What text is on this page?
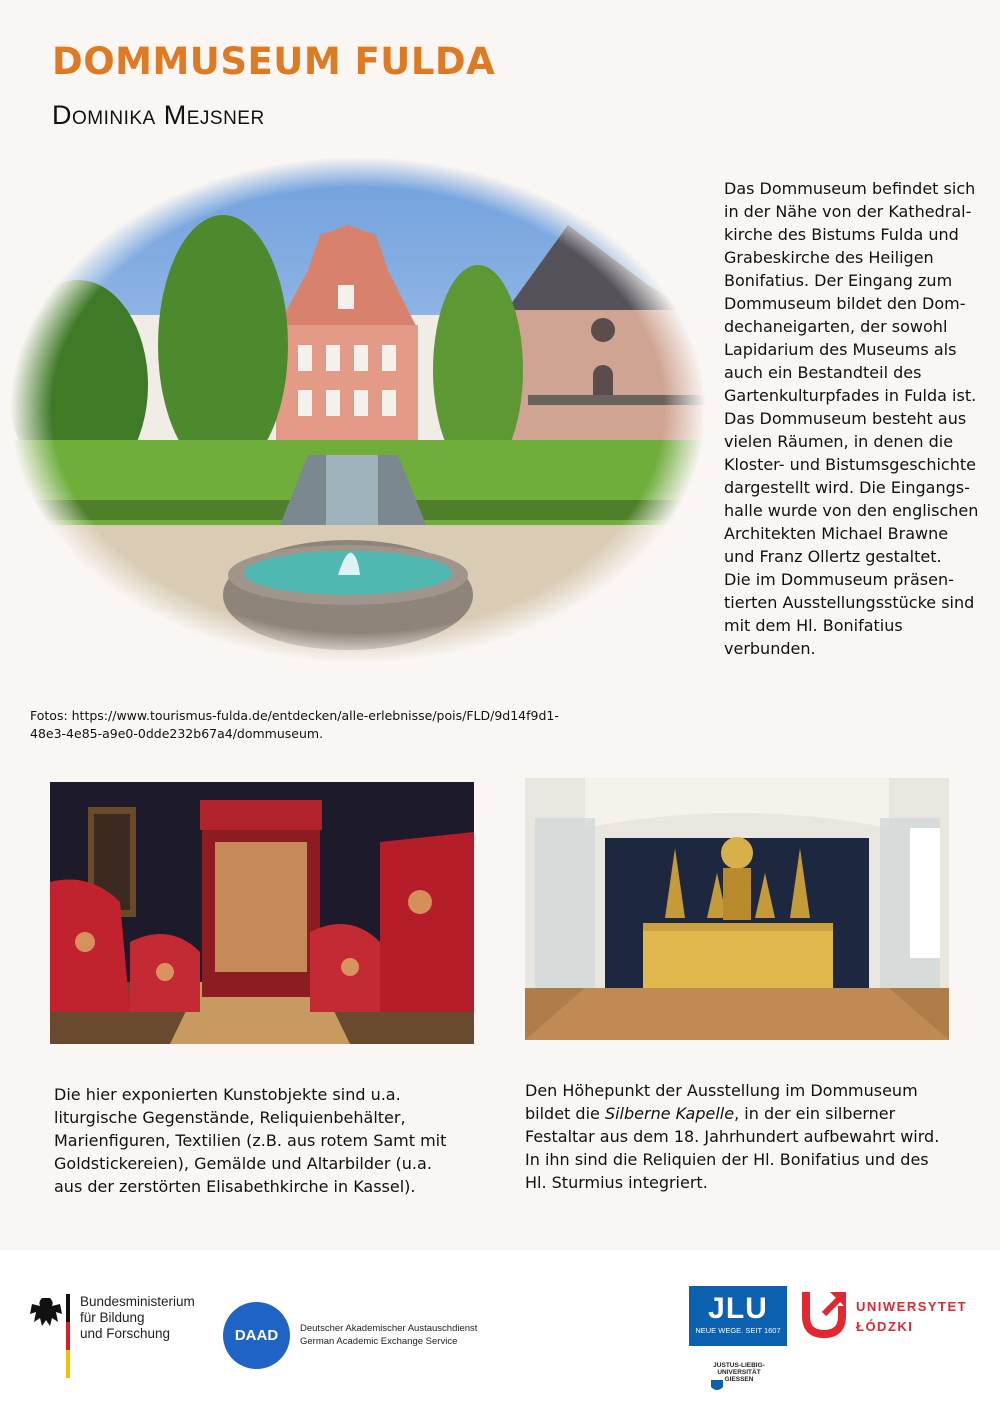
DOMMUSEUM FULDA
Dominika Mejsner
Das Dommuseum befindet sich
in der Nähe von der Kathedral-
kirche des Bistums Fulda und
Grabeskirche des Heiligen
Bonifatius. Der Eingang zum
Dommuseum bildet den Dom-
dechaneigarten, der sowohl
Lapidarium des Museums als
auch ein Bestandteil des
Gartenkulturpfades in Fulda ist.
Das Dommuseum besteht aus
vielen Räumen, in denen die
Kloster- und Bistumsgeschichte
dargestellt wird. Die Eingangs-
halle wurde von den englischen
Architekten Michael Brawne
und Franz Ollertz gestaltet.
Die im Dommuseum präsen-
tierten Ausstellungsstücke sind
mit dem Hl. Bonifatius
verbunden.
Fotos: https://www.tourismus-fulda.de/entdecken/alle-erlebnisse/pois/FLD/9d14f9d1-
48e3-4e85-a9e0-0dde232b67a4/dommuseum.
Die hier exponierten Kunstobjekte sind u.a.
liturgische Gegenstände, Reliquienbehälter,
Marienfiguren, Textilien (z.B. aus rotem Samt mit
Goldstickereien), Gemälde und Altarbilder (u.a.
aus der zerstörten Elisabethkirche in Kassel).
Den Höhepunkt der Ausstellung im Dommuseum
bildet die Silberne Kapelle, in der ein silberner
Festaltar aus dem 18. Jahrhundert aufbewahrt wird.
In ihn sind die Reliquien der Hl. Bonifatius und des
Hl. Sturmius integriert.
Bundesministerium
für Bildung
und Forschung	DAAD	Deutscher Akademischer Austauschdienst
German Academic Exchange Service
JLU
NEUE WEGE. SEIT 1607
JUSTUS-LIEBIG-
UNIVERSITÄT
GIESSEN
UNIWERSYTET
ŁÓDZKI
